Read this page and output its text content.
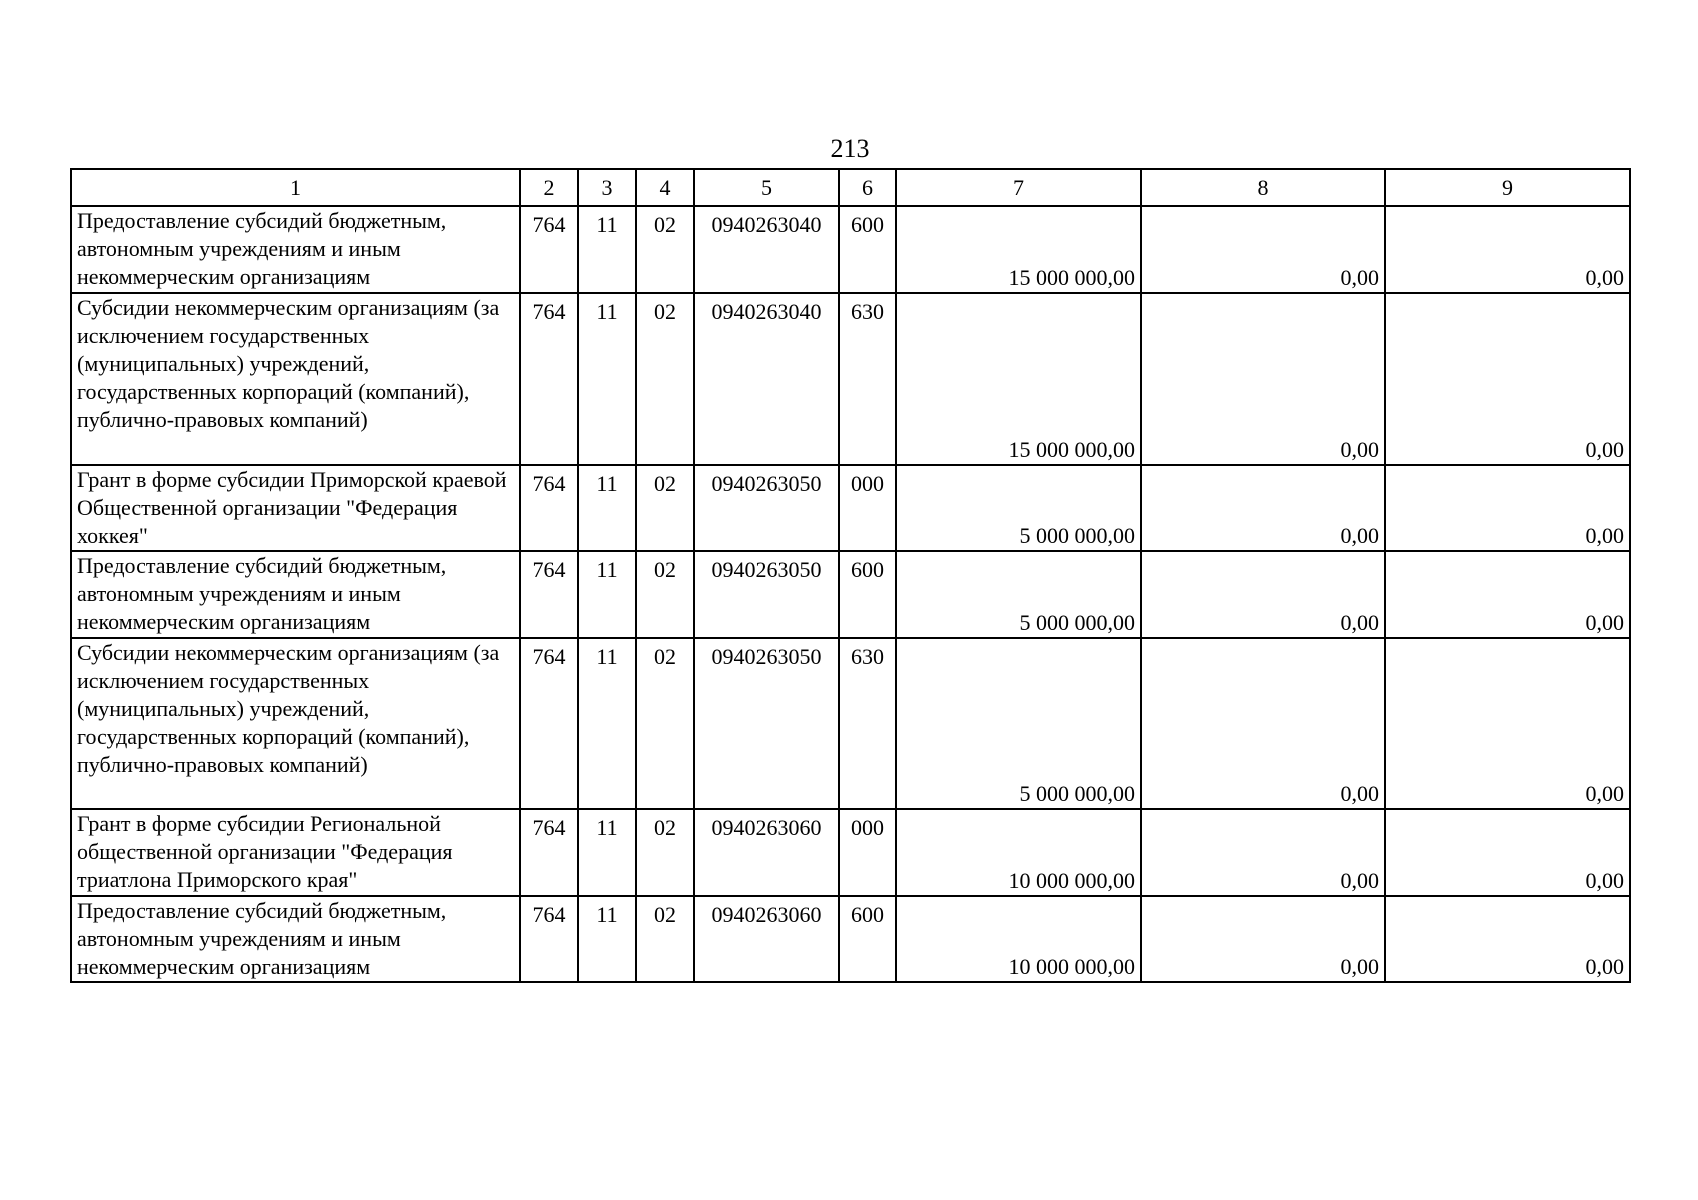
213
1	2	3	4	5	6	7	8	9
Предоставление субсидий бюджетным, автономным учреждениям и иным некоммерческим организациям	764	11	02	0940263040	600	15 000 000,00	0,00	0,00
Субсидии некоммерческим организациям (за исключением государственных (муниципальных) учреждений, государственных корпораций (компаний), публично-правовых компаний)	764	11	02	0940263040	630	15 000 000,00	0,00	0,00
Грант в форме субсидии Приморской краевой Общественной организации "Федерация хоккея"	764	11	02	0940263050	000	5 000 000,00	0,00	0,00
Предоставление субсидий бюджетным, автономным учреждениям и иным некоммерческим организациям	764	11	02	0940263050	600	5 000 000,00	0,00	0,00
Субсидии некоммерческим организациям (за исключением государственных (муниципальных) учреждений, государственных корпораций (компаний), публично-правовых компаний)	764	11	02	0940263050	630	5 000 000,00	0,00	0,00
Грант в форме субсидии Региональной общественной организации "Федерация триатлона Приморского края"	764	11	02	0940263060	000	10 000 000,00	0,00	0,00
Предоставление субсидий бюджетным, автономным учреждениям и иным некоммерческим организациям	764	11	02	0940263060	600	10 000 000,00	0,00	0,00
